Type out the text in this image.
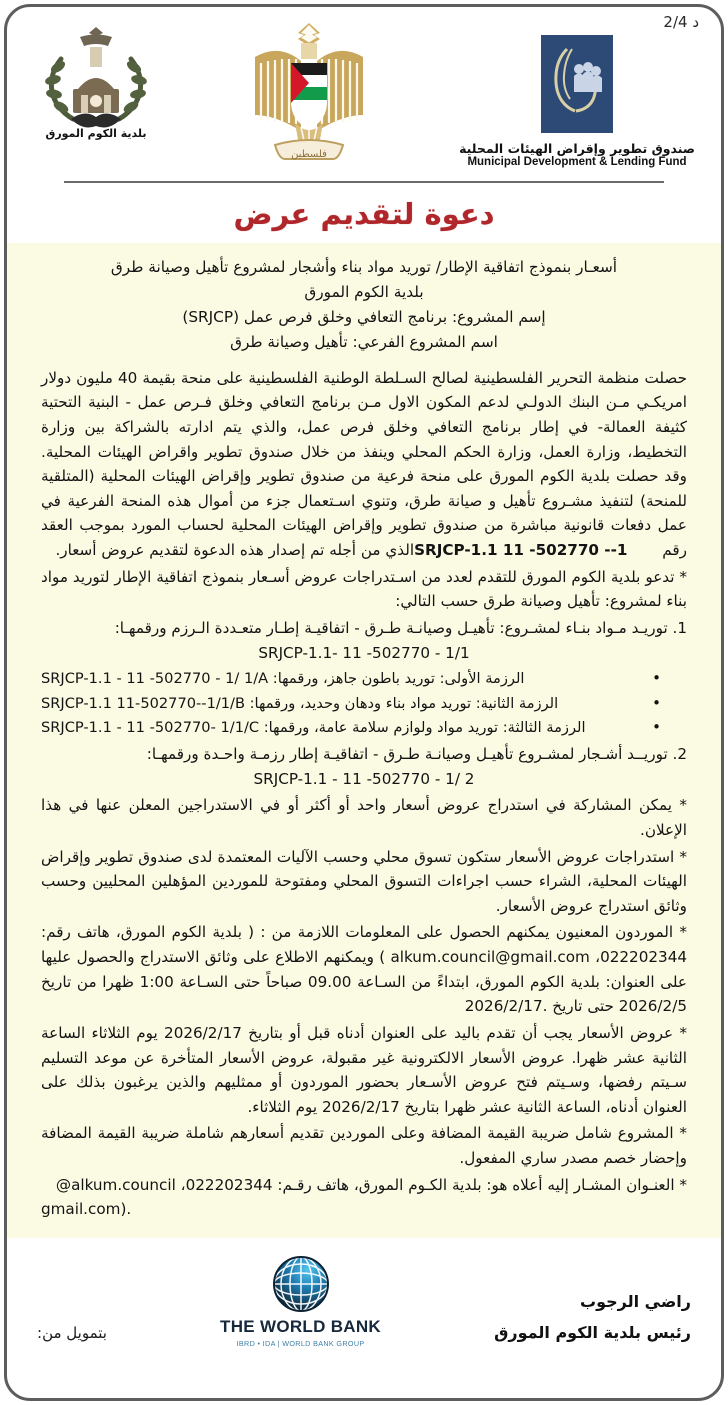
د 2/4
بلدية الكوم المورق
فلسطين	صندوق تطوير وإقراض الهيئات المحلية
Municipal Development & Lending Fund
دعوة لتقديم عرض

أسعـار بنموذج اتفاقية الإطار/ توريد مواد بناء وأشجار لمشروع تأهيل وصيانة طرق

بلدية الكوم المورق

إسم المشروع: برنامج التعافي وخلق فرص عمل (SRJCP)

اسم المشروع الفرعي: تأهيل وصيانة طرق

حصلت منظمة التحرير الفلسطينية لصالح السـلطة الوطنية الفلسطينية على منحة بقيمة 40 مليون دولار امريكـي مـن البنك الدولـي لدعم المكون الاول مـن برنامج التعافي وخلق فـرص عمل - البنية التحتية كثيفة العمالة- في إطار برنامج التعافي وخلق فرص عمل، والذي يتم ادارته بالشراكة بين وزارة التخطيط، وزارة العمل، وزارة الحكم المحلي وينفذ من خلال صندوق تطوير واقراض الهيئات المحلية. وقد حصلت بلدية الكوم المورق على منحة فرعية من صندوق تطوير وإقراض الهيئات المحلية (المتلقية للمنحة) لتنفيذ مشـروع تأهيل و صيانة طرق، وتنوي اسـتعمال جزء من أموال هذه المنحة الفرعية في عمل دفعات قانونية مباشرة من صندوق تطوير وإقراض الهيئات المحلية لحساب المورد بموجب العقد رقم SRJCP-1.1 11 -502770 --1الذي من أجله تم إصدار هذه الدعوة لتقديم عروض أسعار.

* تدعو بلدية الكوم المورق للتقدم لعدد من اسـتدراجات عروض أسـعار بنموذج اتفاقية الإطار لتوريد مواد بناء لمشروع: تأهيل وصيانة طرق حسب التالي:

1. توريـد مـواد بنـاء لمشـروع: تأهيـل وصيانـة طـرق - اتفاقيـة إطـار متعـددة الـرزم ورقمهـا:

SRJCP-1.1- 11 -502770 - 1/1

• الرزمة الأولى: توريد باطون جاهز، ورقمها: SRJCP-1.1 - 11 -502770 - 1/ 1/A
• الرزمة الثانية: توريد مواد بناء ودهان وحديد، ورقمها: SRJCP-1.1 11-502770--1/1/B
• الرزمة الثالثة: توريد مواد ولوازم سلامة عامة، ورقمها: SRJCP-1.1 - 11 -502770- 1/1/C

2. توريــد أشـجار لمشـروع تأهيـل وصيانـة طـرق - اتفاقيـة إطار رزمـة واحـدة ورقمهـا:

SRJCP-1.1 - 11 -502770 - 1/ 2

* يمكن المشاركة في استدراج عروض أسعار واحد أو أكثر أو في الاستدراجين المعلن عنها في هذا الإعلان.

* استدراجات عروض الأسعار ستكون تسوق محلي وحسب الآليات المعتمدة لدى صندوق تطوير وإقراض الهيئات المحلية، الشراء حسب اجراءات التسوق المحلي ومفتوحة للموردين المؤهلين المحليين وحسب وثائق استدراج عروض الأسعار.

* الموردون المعنيون يمكنهم الحصول على المعلومات اللازمة من : ( بلدية الكوم المورق، هاتف رقم: 022202344، alkum.council@gmail.com ) ويمكنهم الاطلاع على وثائق الاستدراج والحصول عليها على العنوان: بلدية الكوم المورق، ابتداءً من السـاعة 09.00 صباحاً حتى السـاعة 1:00 ظهرا من تاريخ 2026/2/5 حتى تاريخ 2026/2/17.

* عروض الأسعار يجب أن تقدم باليد على العنوان أدناه قبل أو بتاريخ 2026/2/17 يوم الثلاثاء الساعة الثانية عشر ظهرا. عروض الأسعار الالكترونية غير مقبولة، عروض الأسعار المتأخرة عن موعد التسليم سـيتم رفضها، وسـيتم فتح عروض الأسـعار بحضور الموردون أو ممثليهم والذين يرغبون بذلك على العنوان أدناه، الساعة الثانية عشر ظهرا بتاريخ 2026/2/17 يوم الثلاثاء.

* المشروع شامل ضريبة القيمة المضافة وعلى الموردين تقديم أسعارهم شاملة ضريبة القيمة المضافة وإحضار خصم مصدر ساري المفعول.

* العنـوان المشـار إليه أعلاه هو: بلدية الكـوم المورق، هاتف رقـم: 022202344، alkum.council@

gmail.com).

بتمويل من:	THE WORLD BANK
IBRD • IDA | WORLD BANK GROUP
راضي الرجوب
رئيس بلدية الكوم المورق
